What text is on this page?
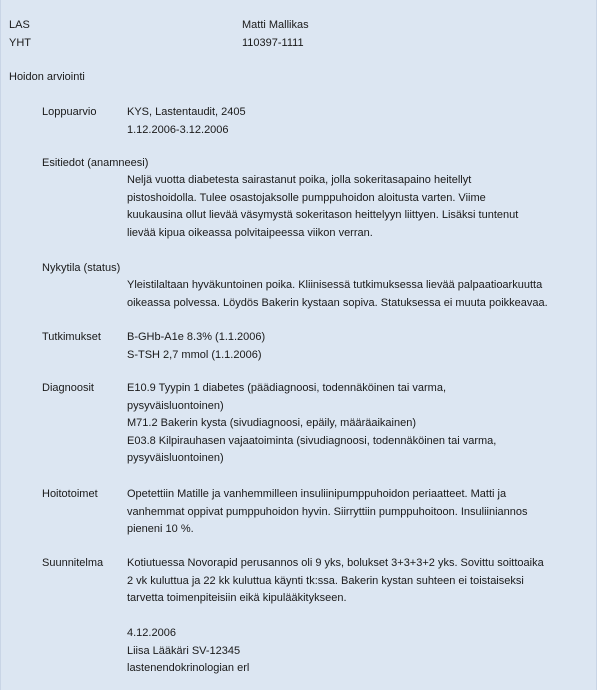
LAS	Matti Mallikas
YHT	110397-1111
Hoidon arviointi
Loppuarvio	KYS, Lastentaudit, 2405
1.12.2006-3.12.2006
Esitiedot (anamneesi)
Neljä vuotta diabetesta sairastanut poika, jolla sokeritasapaino heitellyt
pistoshoidolla. Tulee osastojaksolle pumppuhoidon aloitusta varten. Viime
kuukausina ollut lievää väsymystä sokeritason heittelyyn liittyen. Lisäksi tuntenut
lievää kipua oikeassa polvitaipeessa viikon verran.
Nykytila (status)
Yleistilaltaan hyväkuntoinen poika. Kliinisessä tutkimuksessa lievää palpaatioarkuutta
oikeassa polvessa. Löydös Bakerin kystaan sopiva. Statuksessa ei muuta poikkeavaa.
Tutkimukset B-GHb-A1e 8.3% (1.1.2006)
S-TSH 2,7 mmol (1.1.2006)
Diagnoosit	E10.9 Tyypin 1 diabetes (päädiagnoosi, todennäköinen tai varma,
pysyväisluontoinen)
M71.2 Bakerin kysta (sivudiagnoosi, epäily, määräaikainen)
E03.8 Kilpirauhasen vajaatoiminta (sivudiagnoosi, todennäköinen tai varma,
pysyväisluontoinen)
Hoitotoimet	Opetettiin Matille ja vanhemmilleen insuliinipumppuhoidon periaatteet. Matti ja
vanhemmat oppivat pumppuhoidon hyvin. Siirryttiin pumppuhoitoon. Insuliiniannos
pieneni 10 %.
Suunnitelma Kotiutuessa Novorapid perusannos oli 9 yks, bolukset 3+3+3+2 yks. Sovittu soittoaika
2 vk kuluttua ja 22 kk kuluttua käynti tk:ssa. Bakerin kystan suhteen ei toistaiseksi
tarvetta toimenpiteisiin eikä kipulääkitykseen.
4.12.2006
Liisa Lääkäri SV-12345
lastenendokrinologian erl
